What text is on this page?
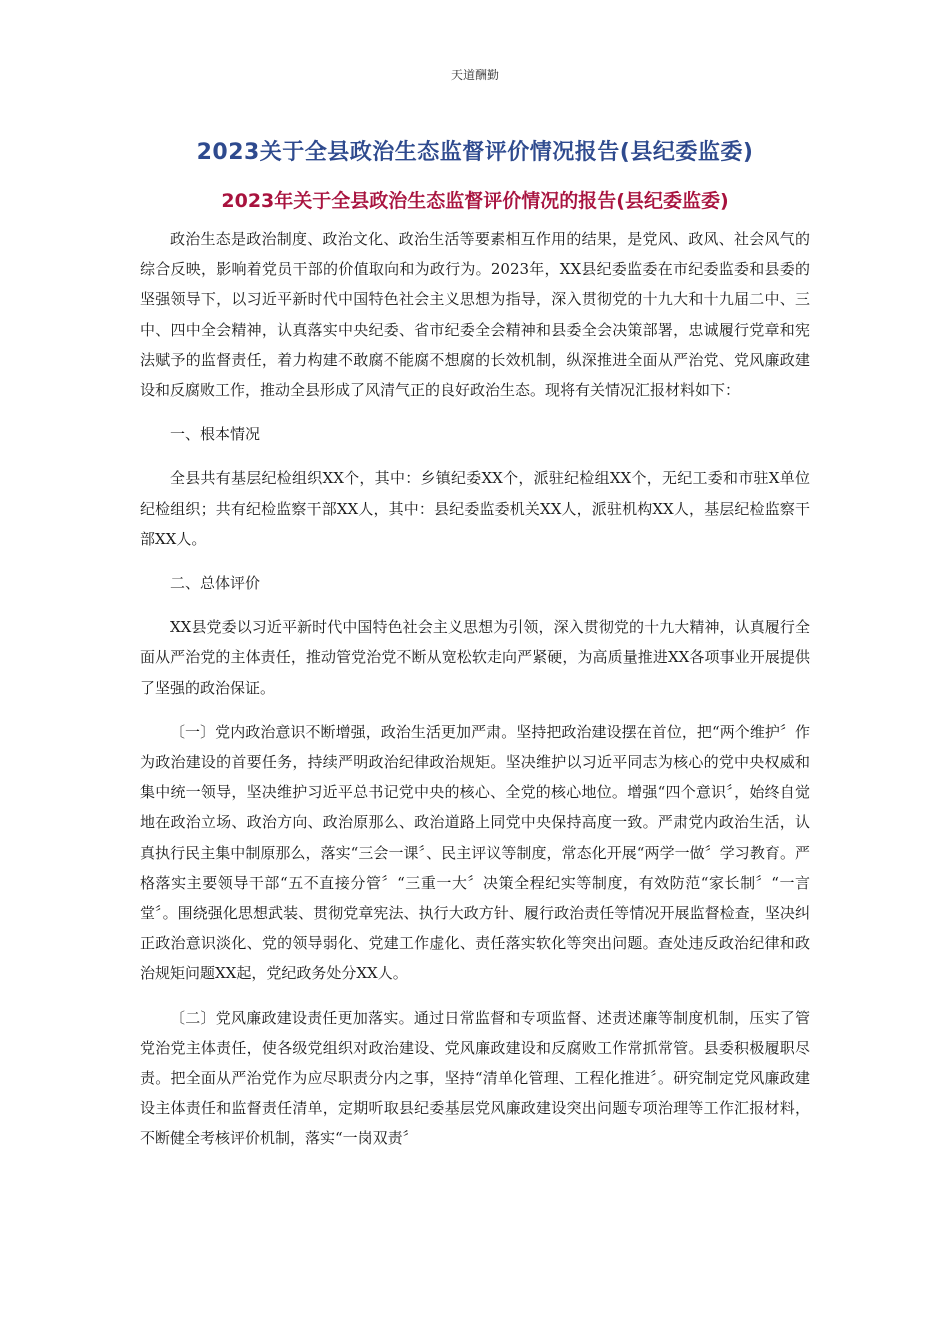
天道酬勤
2023关于全县政治生态监督评价情况报告(县纪委监委)
2023年关于全县政治生态监督评价情况的报告(县纪委监委)

政治生态是政治制度、政治文化、政治生活等要素相互作用的结果，是党风、政风、社会风气的综合反映，影响着党员干部的价值取向和为政行为。2023年，XX县纪委监委在市纪委监委和县委的坚强领导下，以习近平新时代中国特色社会主义思想为指导，深入贯彻党的十九大和十九届二中、三中、四中全会精神，认真落实中央纪委、省市纪委全会精神和县委全会决策部署，忠诚履行党章和宪法赋予的监督责任，着力构建不敢腐不能腐不想腐的长效机制，纵深推进全面从严治党、党风廉政建设和反腐败工作，推动全县形成了风清气正的良好政治生态。现将有关情况汇报材料如下：

一、根本情况

全县共有基层纪检组织XX个，其中：乡镇纪委XX个，派驻纪检组XX个，无纪工委和市驻X单位纪检组织；共有纪检监察干部XX人，其中：县纪委监委机关XX人，派驻机构XX人，基层纪检监察干部XX人。

二、总体评价

XX县党委以习近平新时代中国特色社会主义思想为引领，深入贯彻党的十九大精神，认真履行全面从严治党的主体责任，推动管党治党不断从宽松软走向严紧硬，为高质量推进XX各项事业开展提供了坚强的政治保证。

〔一〕党内政治意识不断增强，政治生活更加严肃。坚持把政治建设摆在首位，把“两个维护〞作为政治建设的首要任务，持续严明政治纪律政治规矩。坚决维护以习近平同志为核心的党中央权威和集中统一领导，坚决维护习近平总书记党中央的核心、全党的核心地位。增强“四个意识〞，始终自觉地在政治立场、政治方向、政治原那么、政治道路上同党中央保持高度一致。严肃党内政治生活，认真执行民主集中制原那么，落实“三会一课〞、民主评议等制度，常态化开展“两学一做〞学习教育。严格落实主要领导干部“五不直接分管〞“三重一大〞决策全程纪实等制度，有效防范“家长制〞“一言堂〞。围绕强化思想武装、贯彻党章宪法、执行大政方针、履行政治责任等情况开展监督检查，坚决纠正政治意识淡化、党的领导弱化、党建工作虚化、责任落实软化等突出问题。查处违反政治纪律和政治规矩问题XX起，党纪政务处分XX人。

〔二〕党风廉政建设责任更加落实。通过日常监督和专项监督、述责述廉等制度机制，压实了管党治党主体责任，使各级党组织对政治建设、党风廉政建设和反腐败工作常抓常管。县委积极履职尽责。把全面从严治党作为应尽职责分内之事，坚持“清单化管理、工程化推进〞。研究制定党风廉政建设主体责任和监督责任清单，定期听取县纪委基层党风廉政建设突出问题专项治理等工作汇报材料，不断健全考核评价机制，落实“一岗双责〞
